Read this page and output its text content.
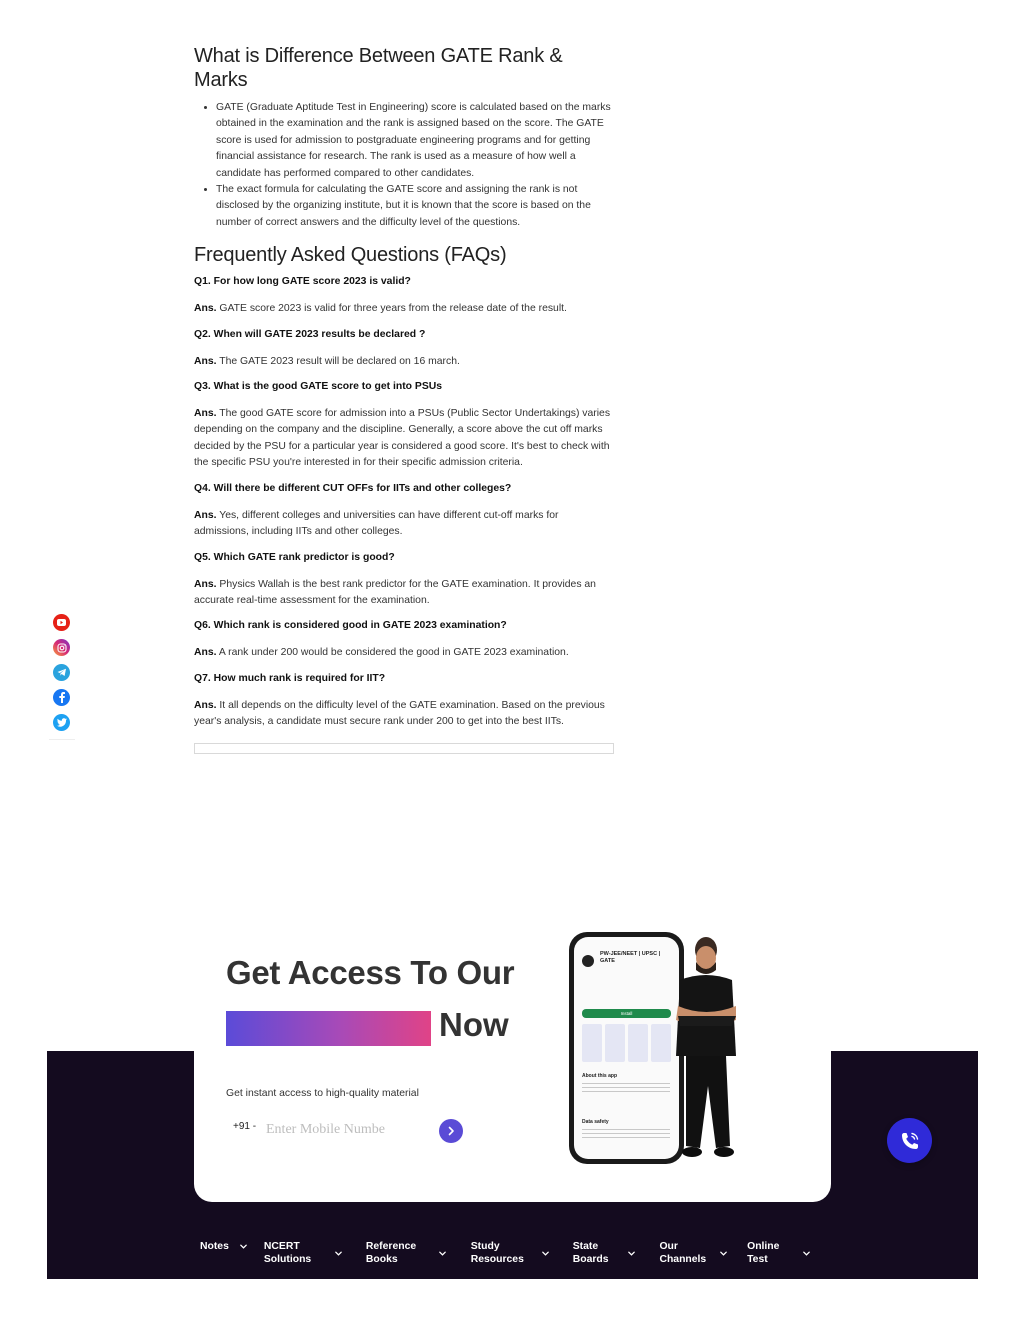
What is Difference Between GATE Rank & Marks
• GATE (Graduate Aptitude Test in Engineering) score is calculated based on the marks obtained in the examination and the rank is assigned based on the score. The GATE score is used for admission to postgraduate engineering programs and for getting financial assistance for research. The rank is used as a measure of how well a candidate has performed compared to other candidates.
• The exact formula for calculating the GATE score and assigning the rank is not disclosed by the organizing institute, but it is known that the score is based on the number of correct answers and the difficulty level of the questions.
Frequently Asked Questions (FAQs)

Q1. For how long GATE score 2023 is valid?

Ans. GATE score 2023 is valid for three years from the release date of the result.

Q2. When will GATE 2023 results be declared ?

Ans. The GATE 2023 result will be declared on 16 march.

Q3. What is the good GATE score to get into PSUs

Ans. The good GATE score for admission into a PSUs (Public Sector Undertakings) varies depending on the company and the discipline. Generally, a score above the cut off marks decided by the PSU for a particular year is considered a good score. It's best to check with the specific PSU you're interested in for their specific admission criteria.

Q4. Will there be different CUT OFFs for IITs and other colleges?

Ans. Yes, different colleges and universities can have different cut-off marks for admissions, including IITs and other colleges.

Q5. Which GATE rank predictor is good?

Ans. Physics Wallah is the best rank predictor for the GATE examination. It provides an accurate real-time assessment for the examination.

Q6. Which rank is considered good in GATE 2023 examination?

Ans. A rank under 200 would be considered the good in GATE 2023 examination.

Q7. How much rank is required for IIT?

Ans. It all depends on the difficulty level of the GATE examination. Based on the previous year's analysis, a candidate must secure rank under 200 to get into the best IITs.

Get Access To Our
Now
Get instant access to high-quality material
+91 -
Enter Mobile Numbe
PW-JEE/NEET | UPSC | GATE
Install
About this app
Data safety
Notes	NCERT Solutions
Reference Books
Study Resources
State Boards
Our Channels
Online Test
